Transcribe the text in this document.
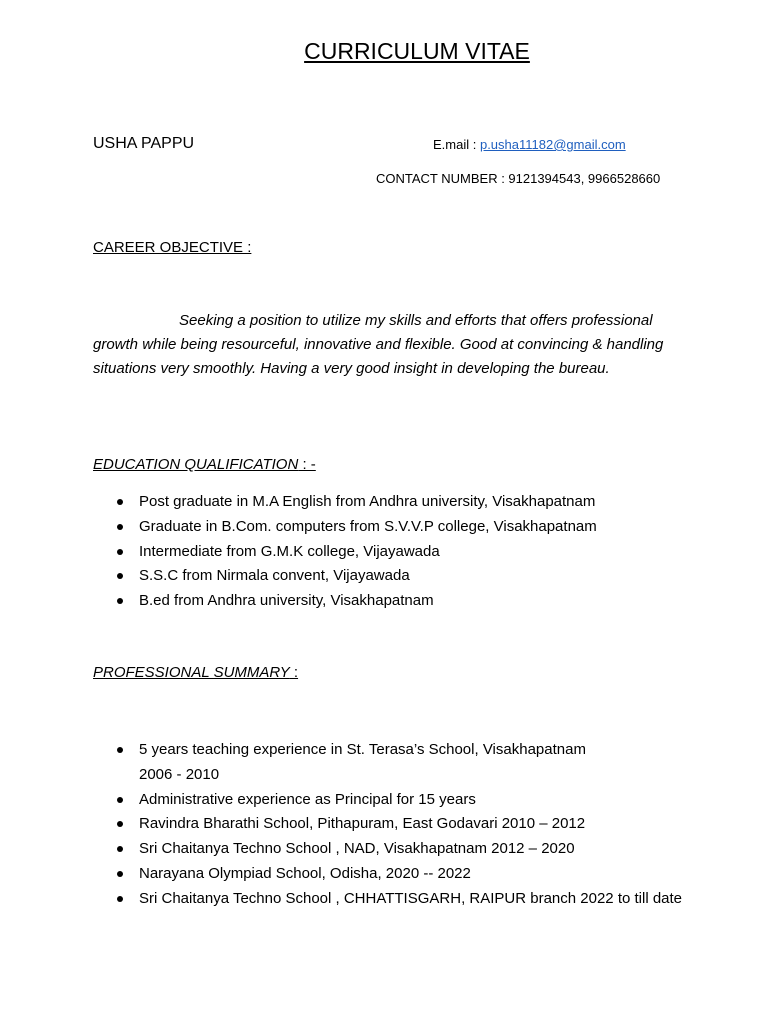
CURRICULUM VITAE
USHA PAPPU	E.mail : p.usha11182@gmail.com
CONTACT NUMBER : 9121394543, 9966528660
CAREER OBJECTIVE :

Seeking a position to utilize my skills and efforts that offers professional growth while being resourceful, innovative and flexible. Good at convincing & handling situations very smoothly. Having a very good insight in developing the bureau.

EDUCATION QUALIFICATION : -
Post graduate in M.A English from Andhra university, Visakhapatnam
Graduate in B.Com. computers from S.V.V.P college, Visakhapatnam
Intermediate from G.M.K college, Vijayawada
S.S.C from Nirmala convent, Vijayawada
B.ed from Andhra university, Visakhapatnam
PROFESSIONAL SUMMARY :
5 years teaching experience in St. Terasa’s School, Visakhapatnam
2006 - 2010
Administrative experience as Principal for 15 years
Ravindra Bharathi School, Pithapuram, East Godavari 2010 – 2012
Sri Chaitanya Techno School , NAD, Visakhapatnam 2012 – 2020
Narayana Olympiad School, Odisha, 2020 -- 2022
Sri Chaitanya Techno School , CHHATTISGARH, RAIPUR branch 2022 to till date
